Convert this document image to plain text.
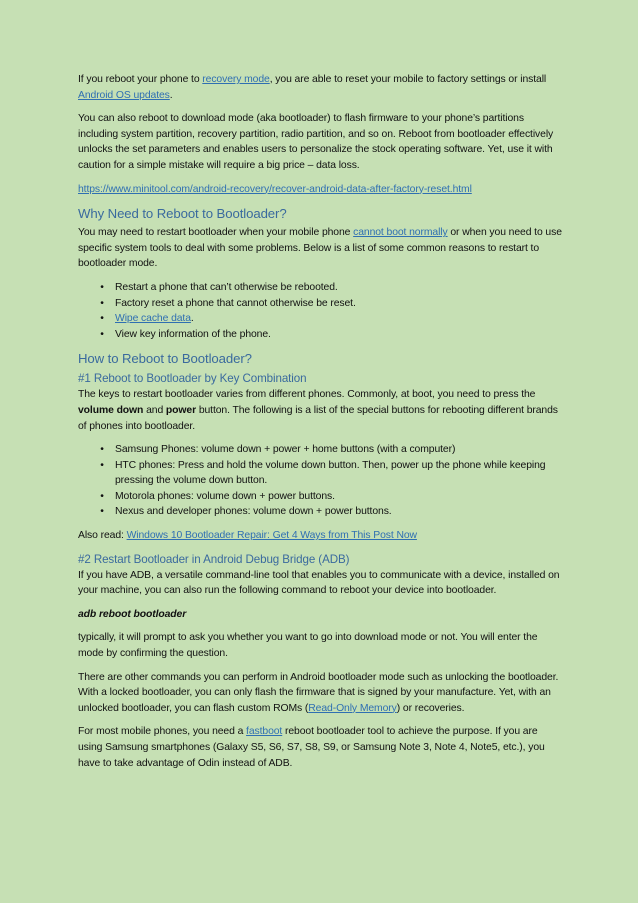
If you reboot your phone to recovery mode, you are able to reset your mobile to factory settings or install Android OS updates.

You can also reboot to download mode (aka bootloader) to flash firmware to your phone’s partitions including system partition, recovery partition, radio partition, and so on. Reboot from bootloader effectively unlocks the set parameters and enables users to personalize the stock operating software. Yet, use it with caution for a simple mistake will require a big price – data loss.

https://www.minitool.com/android-recovery/recover-android-data-after-factory-reset.html
Why Need to Reboot to Bootloader?

You may need to restart bootloader when your mobile phone cannot boot normally or when you need to use specific system tools to deal with some problems. Below is a list of some common reasons to restart to bootloader mode.

•	Restart a phone that can’t otherwise be rebooted.
•	Factory reset a phone that cannot otherwise be reset.
•	Wipe cache data.
•	View key information of the phone.
How to Reboot to Bootloader?
#1 Reboot to Bootloader by Key Combination

The keys to restart bootloader varies from different phones. Commonly, at boot, you need to press the volume down and power button. The following is a list of the special buttons for rebooting different brands of phones into bootloader.

•	Samsung Phones: volume down + power + home buttons (with a computer)
•	HTC phones: Press and hold the volume down button. Then, power up the phone while keeping pressing the volume down button.
•	Motorola phones: volume down + power buttons.
•	Nexus and developer phones: volume down + power buttons.

Also read: Windows 10 Bootloader Repair: Get 4 Ways from This Post Now

#2 Restart Bootloader in Android Debug Bridge (ADB)

If you have ADB, a versatile command-line tool that enables you to communicate with a device, installed on your machine, you can also run the following command to reboot your device into bootloader.

adb reboot bootloader

typically, it will prompt to ask you whether you want to go into download mode or not. You will enter the mode by confirming the question.

There are other commands you can perform in Android bootloader mode such as unlocking the bootloader. With a locked bootloader, you can only flash the firmware that is signed by your manufacture. Yet, with an unlocked bootloader, you can flash custom ROMs (Read-Only Memory) or recoveries.

For most mobile phones, you need a fastboot reboot bootloader tool to achieve the purpose. If you are using Samsung smartphones (Galaxy S5, S6, S7, S8, S9, or Samsung Note 3, Note 4, Note5, etc.), you have to take advantage of Odin instead of ADB.
